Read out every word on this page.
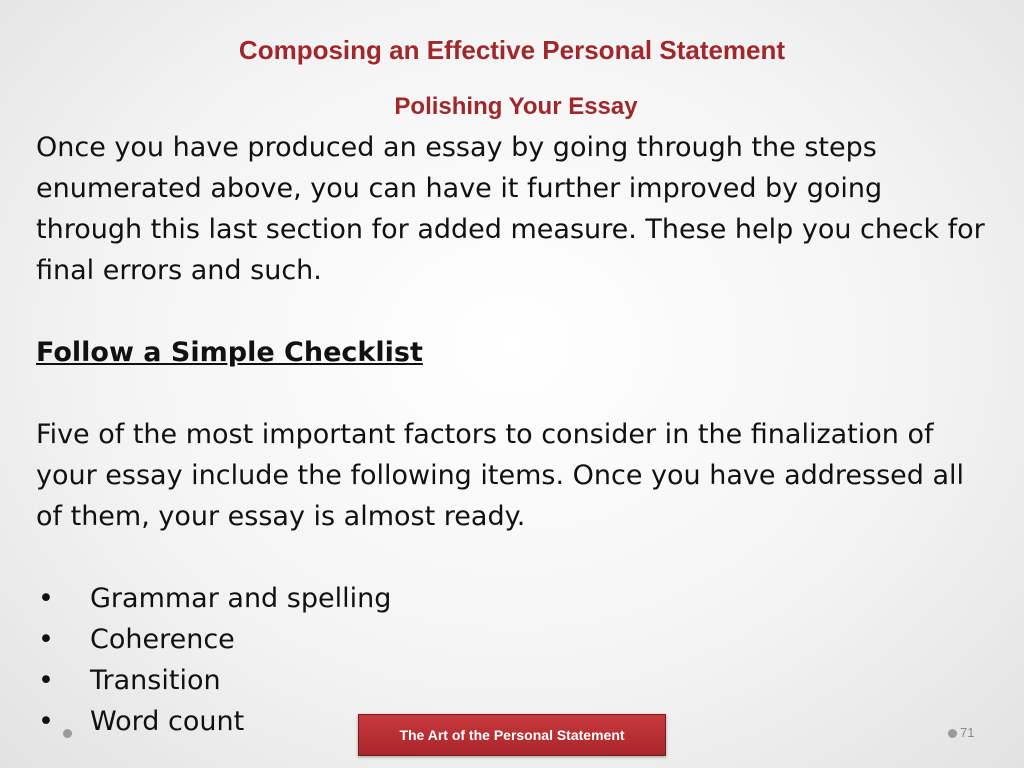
Composing an Effective Personal Statement

Polishing Your Essay

Once you have produced an essay by going through the steps enumerated above, you can have it further improved by going through this last section for added measure. These help you check for final errors and such.

Follow a Simple Checklist

Five of the most important factors to consider in the finalization of your essay include the following items. Once you have addressed all of them, your essay is almost ready.

•	Grammar and spelling
•	Coherence
•	Transition
•	Word count	The Art of the Personal Statement	71
